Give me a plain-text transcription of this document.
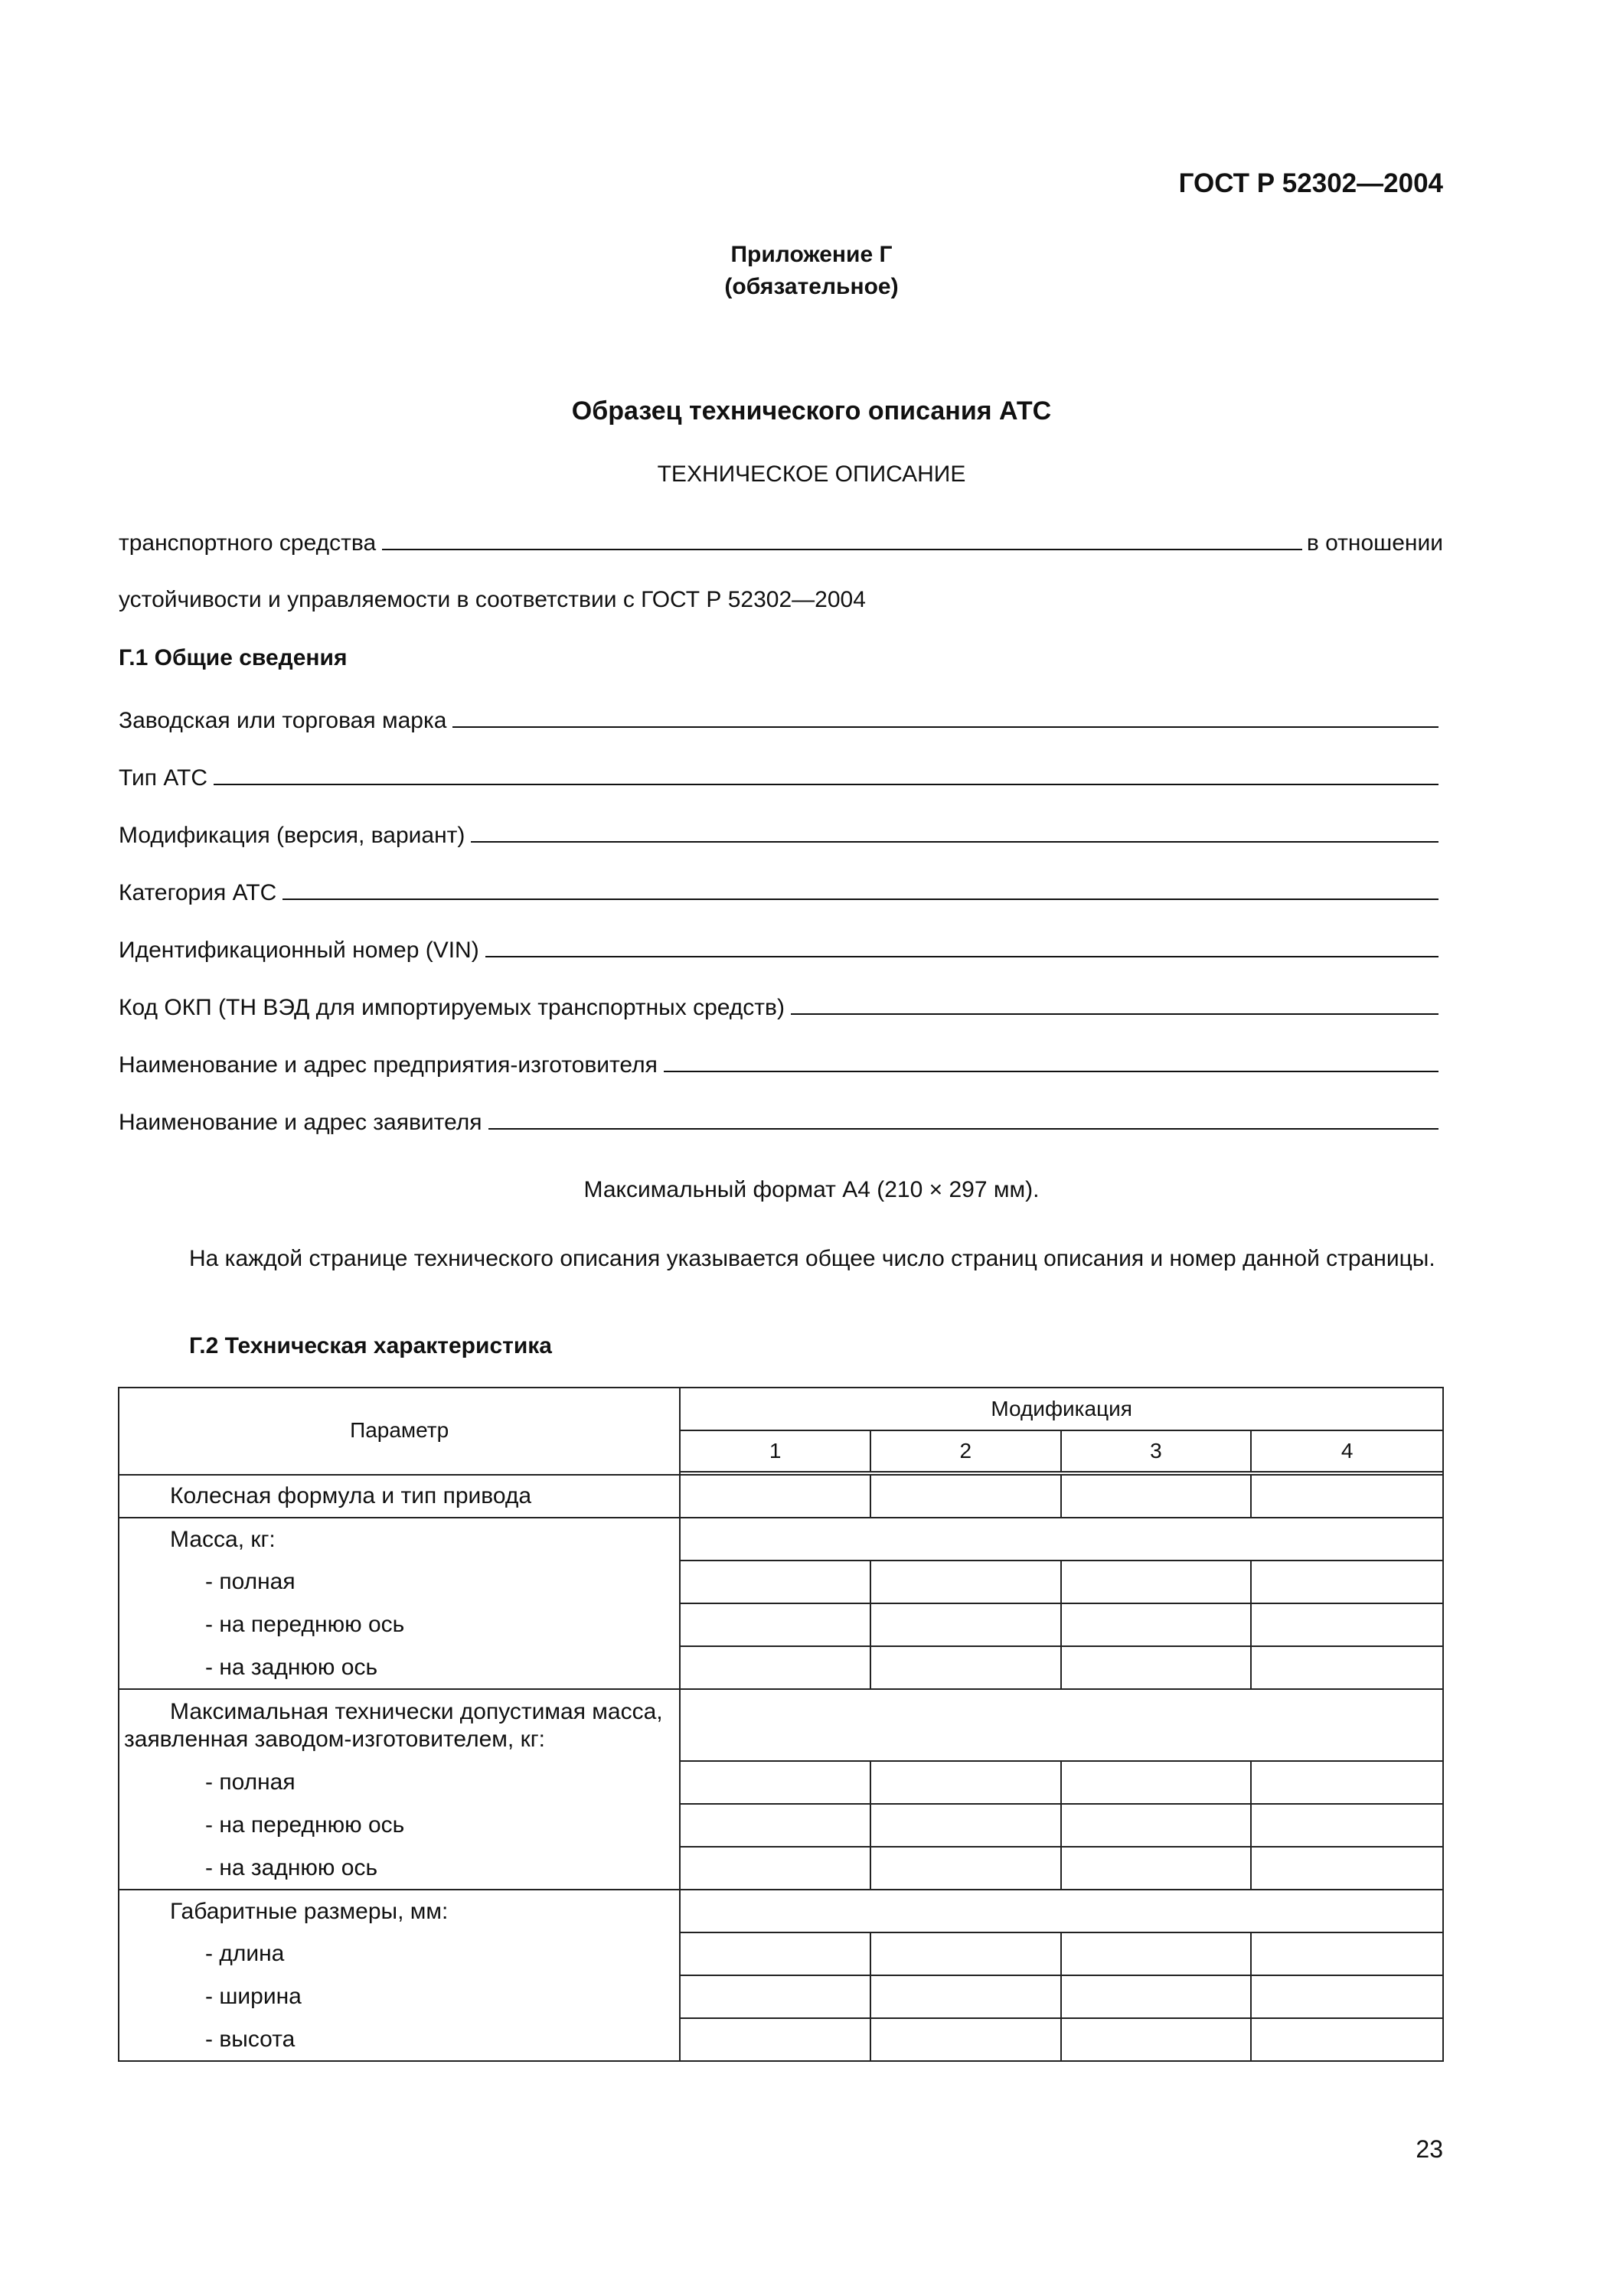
ГОСТ Р 52302—2004
Приложение Г
(обязательное)
Образец технического описания АТС
ТЕХНИЧЕСКОЕ ОПИСАНИЕ
транспортного средства	в отношении
устойчивости и управляемости в соответствии с ГОСТ Р 52302—2004
Г.1 Общие сведения
Заводская или торговая марка
Тип АТС
Модификация (версия, вариант)
Категория АТС
Идентификационный номер (VIN)
Код ОКП (ТН ВЭД для импортируемых транспортных средств)
Наименование и адрес предприятия-изготовителя
Наименование и адрес заявителя
Максимальный формат А4 (210 × 297 мм).
На каждой странице технического описания указывается общее число страниц описания и номер данной страницы.
Г.2 Техническая характеристика
Параметр	Модификация			
	1	2	3	4

Колесная формула и тип привода				
Масса, кг:				
- полная				
- на переднюю ось				
- на заднюю ось				
Максимальная технически допустимая масса, заявленная заводом-изготовителем, кг:				
- полная				
- на переднюю ось				
- на заднюю ось				
Габаритные размеры, мм:				
- длина				
- ширина				
- высота				
23
